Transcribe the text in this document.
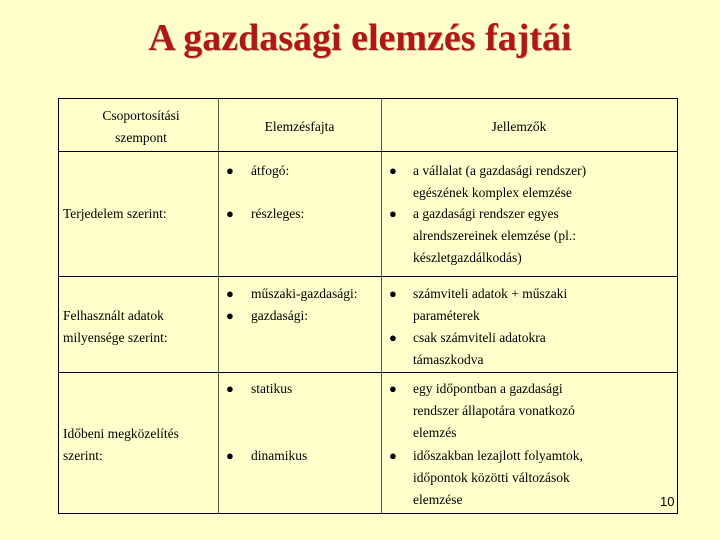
A gazdasági elemzés fajtái
Csoportosítási
szempont
Elemzésfajta	Jellemzők
Terjedelem szerint:
● átfogó:
● részleges:
● a vállalat (a gazdasági rendszer)
egészének komplex elemzése
● a gazdasági rendszer egyes
alrendszereinek elemzése (pl.:
készletgazdálkodás)
Felhasznált adatok
milyensége szerint:
● műszaki-gazdasági:
● gazdasági:
● számviteli adatok + műszaki
paraméterek
● csak számviteli adatokra
támaszkodva
Időbeni megközelítés
szerint:
● statikus
● dinamikus
● egy időpontban a gazdasági
rendszer állapotára vonatkozó
elemzés
● időszakban lezajlott folyamtok,
időpontok közötti változások
elemzése	10
